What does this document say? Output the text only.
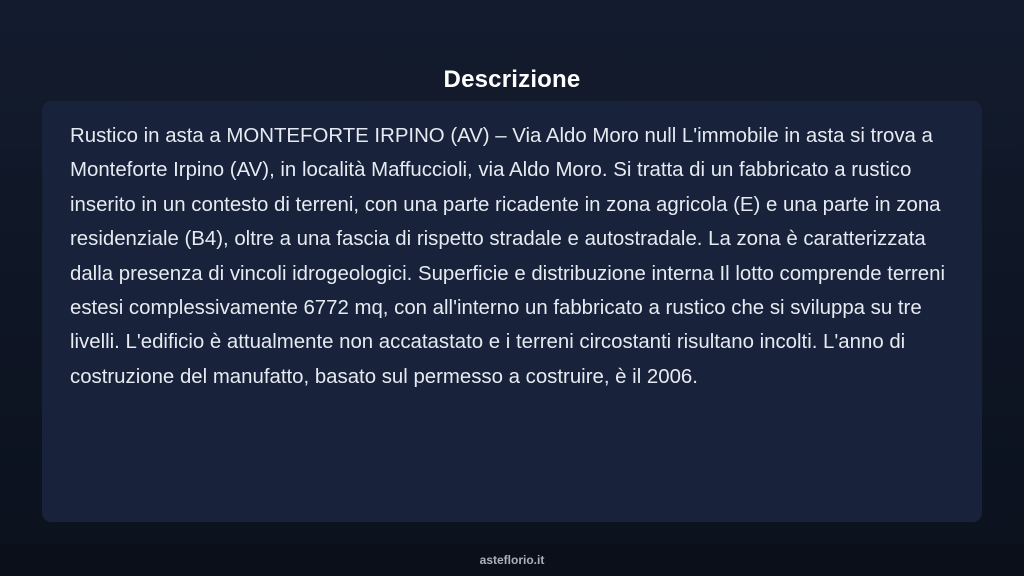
Descrizione

Rustico in asta a MONTEFORTE IRPINO (AV) – Via Aldo Moro null L'immobile in asta si trova a Monteforte Irpino (AV), in località Maffuccioli, via Aldo Moro. Si tratta di un fabbricato a rustico inserito in un contesto di terreni, con una parte ricadente in zona agricola (E) e una parte in zona residenziale (B4), oltre a una fascia di rispetto stradale e autostradale. La zona è caratterizzata dalla presenza di vincoli idrogeologici. Superficie e distribuzione interna Il lotto comprende terreni estesi complessivamente 6772 mq, con all'interno un fabbricato a rustico che si sviluppa su tre livelli. L'edificio è attualmente non accatastato e i terreni circostanti risultano incolti. L'anno di costruzione del manufatto, basato sul permesso a costruire, è il 2006.

asteflorio.it
